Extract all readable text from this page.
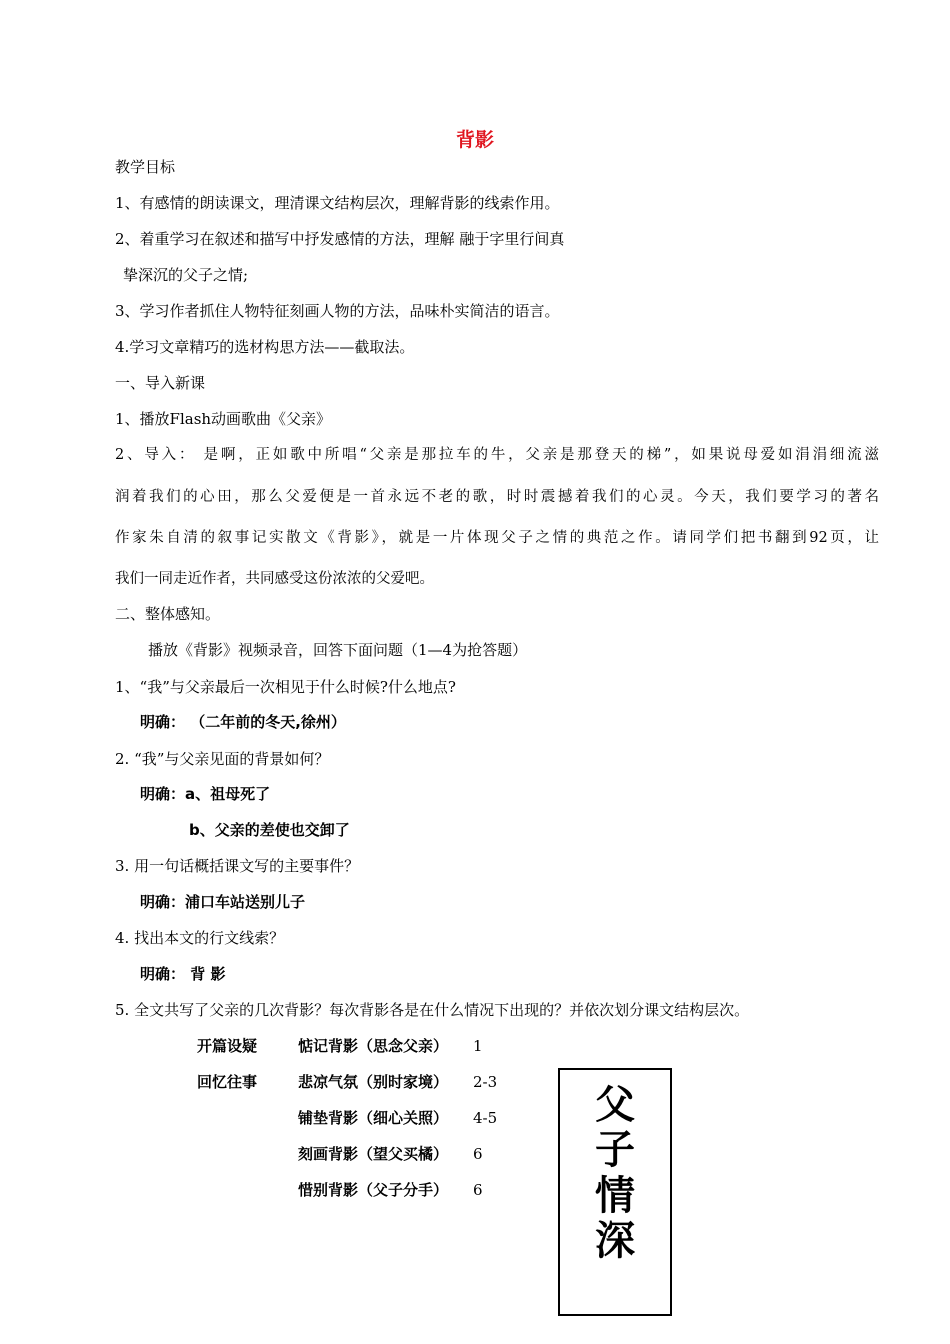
背影
教学目标
1、有感情的朗读课文，理清课文结构层次，理解背影的线索作用。
2、着重学习在叙述和描写中抒发感情的方法，理解 融于字里行间真
挚深沉的父子之情;
3、学习作者抓住人物特征刻画人物的方法，品味朴实简洁的语言。
4.学习文章精巧的选材构思方法——截取法。
一、导入新课
1、播放Flash动画歌曲《父亲》
2、导入： 是啊，正如歌中所唱“父亲是那拉车的牛，父亲是那登天的梯”，如果说母爱如涓涓细流滋
润着我们的心田，那么父爱便是一首永远不老的歌，时时震撼着我们的心灵。今天，我们要学习的著名
作家朱自清的叙事记实散文《背影》，就是一片体现父子之情的典范之作。请同学们把书翻到92页，让
我们一同走近作者，共同感受这份浓浓的父爱吧。
二、整体感知。
播放《背影》视频录音，回答下面问题（1—4为抢答题）
1、“我”与父亲最后一次相见于什么时候?什么地点?
明确： （二年前的冬天,徐州）
2. “我”与父亲见面的背景如何？
明确：a、祖母死了
b、父亲的差使也交卸了
3. 用一句话概括课文写的主要事件？
明确：浦口车站送别儿子
4. 找出本文的行文线索？
明确： 背 影
5. 全文共写了父亲的几次背影？每次背影各是在什么情况下出现的？并依次划分课文结构层次。
开篇设疑
回忆往事
惦记背影（思念父亲） 1
悲凉气氛（别时家境） 2-3
铺垫背影（细心关照） 4-5
刻画背影（望父买橘） 6
惜别背影（父子分手） 6
父
子
情
深
